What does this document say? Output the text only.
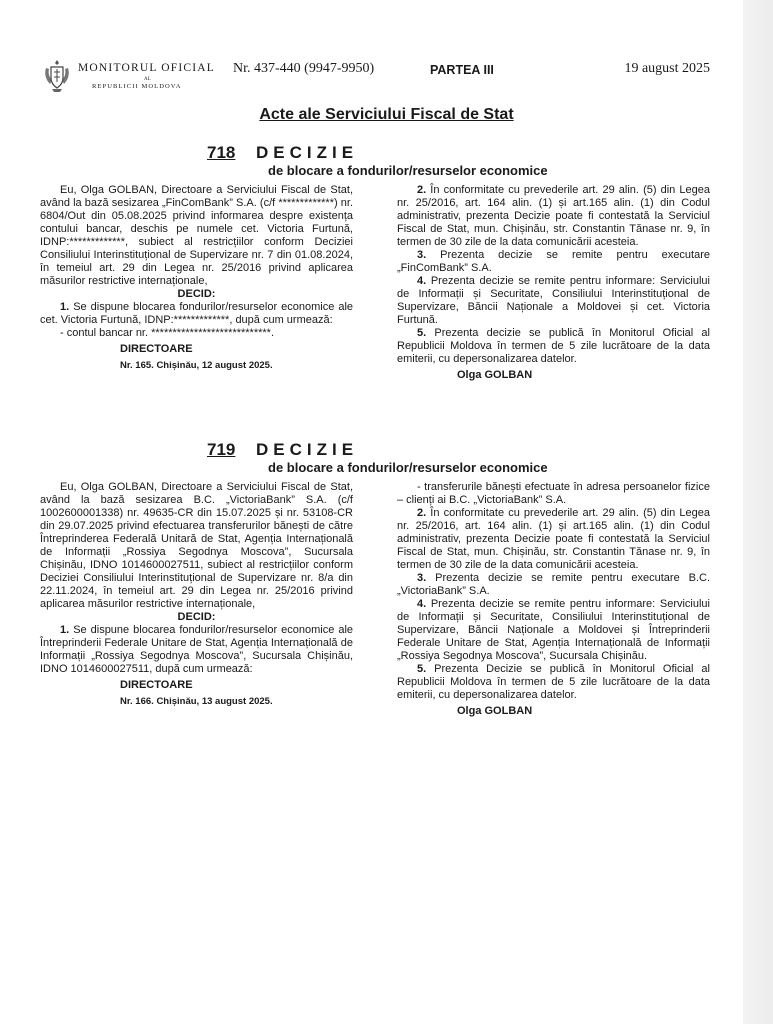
MONITORUL OFICIAL
AL
REPUBLICII MOLDOVA
Nr. 437-440 (9947-9950)	PARTEA III	19 august 2025
Acte ale Serviciului Fiscal de Stat
718 DECIZIE
de blocare a fondurilor/resurselor economice

Eu, Olga GOLBAN, Directoare a Serviciului Fiscal de Stat, având la bază sesizarea „FinComBank” S.A. (c/f *************) nr. 6804/Out din 05.08.2025 privind informarea despre existența contului bancar, deschis pe numele cet. Victoria Furtună, IDNP:*************, subiect al restricțiilor conform Deciziei Consiliului Interinstituțional de Supervizare nr. 7 din 01.08.2024, în temeiul art. 29 din Legea nr. 25/2016 privind aplicarea măsurilor restrictive internaționale,

DECID:

1. Se dispune blocarea fondurilor/resurselor economice ale cet. Victoria Furtună, IDNP:*************, după cum urmează:

- contul bancar nr. ****************************.

DIRECTOARE

Nr. 165. Chișinău, 12 august 2025.

2. În conformitate cu prevederile art. 29 alin. (5) din Legea nr. 25/2016, art. 164 alin. (1) și art.165 alin. (1) din Codul administrativ, prezenta Decizie poate fi contestată la Serviciul Fiscal de Stat, mun. Chișinău, str. Constantin Tănase nr. 9, în termen de 30 zile de la data comunicării acesteia.

3. Prezenta decizie se remite pentru executare „FinComBank” S.A.

4. Prezenta decizie se remite pentru informare: Serviciului de Informații și Securitate, Consiliului Interinstituțional de Supervizare, Băncii Naționale a Moldovei și cet. Victoria Furtună.

5. Prezenta decizie se publică în Monitorul Oficial al Republicii Moldova în termen de 5 zile lucrătoare de la data emiterii, cu depersonalizarea datelor.

Olga GOLBAN

719 DECIZIE
de blocare a fondurilor/resurselor economice

Eu, Olga GOLBAN, Directoare a Serviciului Fiscal de Stat, având la bază sesizarea B.C. „VictoriaBank” S.A. (c/f 1002600001338) nr. 49635-CR din 15.07.2025 și nr. 53108-CR din 29.07.2025 privind efectuarea transferurilor bănești de către Întreprinderea Federală Unitară de Stat, Agenția Internațională de Informații „Rossiya Segodnya Moscova”, Sucursala Chișinău, IDNO 1014600027511, subiect al restricțiilor conform Deciziei Consiliului Interinstituțional de Supervizare nr. 8/a din 22.11.2024, în temeiul art. 29 din Legea nr. 25/2016 privind aplicarea măsurilor restrictive internaționale,

DECID:

1. Se dispune blocarea fondurilor/resurselor economice ale Întreprinderii Federale Unitare de Stat, Agenția Internațională de Informații „Rossiya Segodnya Moscova”, Sucursala Chișinău, IDNO 1014600027511, după cum urmează:

DIRECTOARE

Nr. 166. Chișinău, 13 august 2025.

- transferurile bănești efectuate în adresa persoanelor fizice – clienți ai B.C. „VictoriaBank” S.A.

2. În conformitate cu prevederile art. 29 alin. (5) din Legea nr. 25/2016, art. 164 alin. (1) și art.165 alin. (1) din Codul administrativ, prezenta Decizie poate fi contestată la Serviciul Fiscal de Stat, mun. Chișinău, str. Constantin Tănase nr. 9, în termen de 30 zile de la data comunicării acesteia.

3. Prezenta decizie se remite pentru executare B.C. „VictoriaBank” S.A.

4. Prezenta decizie se remite pentru informare: Serviciului de Informații și Securitate, Consiliului Interinstituțional de Supervizare, Băncii Naționale a Moldovei și Întreprinderii Federale Unitare de Stat, Agenția Internațională de Informații „Rossiya Segodnya Moscova”, Sucursala Chișinău.

5. Prezenta Decizie se publică în Monitorul Oficial al Republicii Moldova în termen de 5 zile lucrătoare de la data emiterii, cu depersonalizarea datelor.

Olga GOLBAN
